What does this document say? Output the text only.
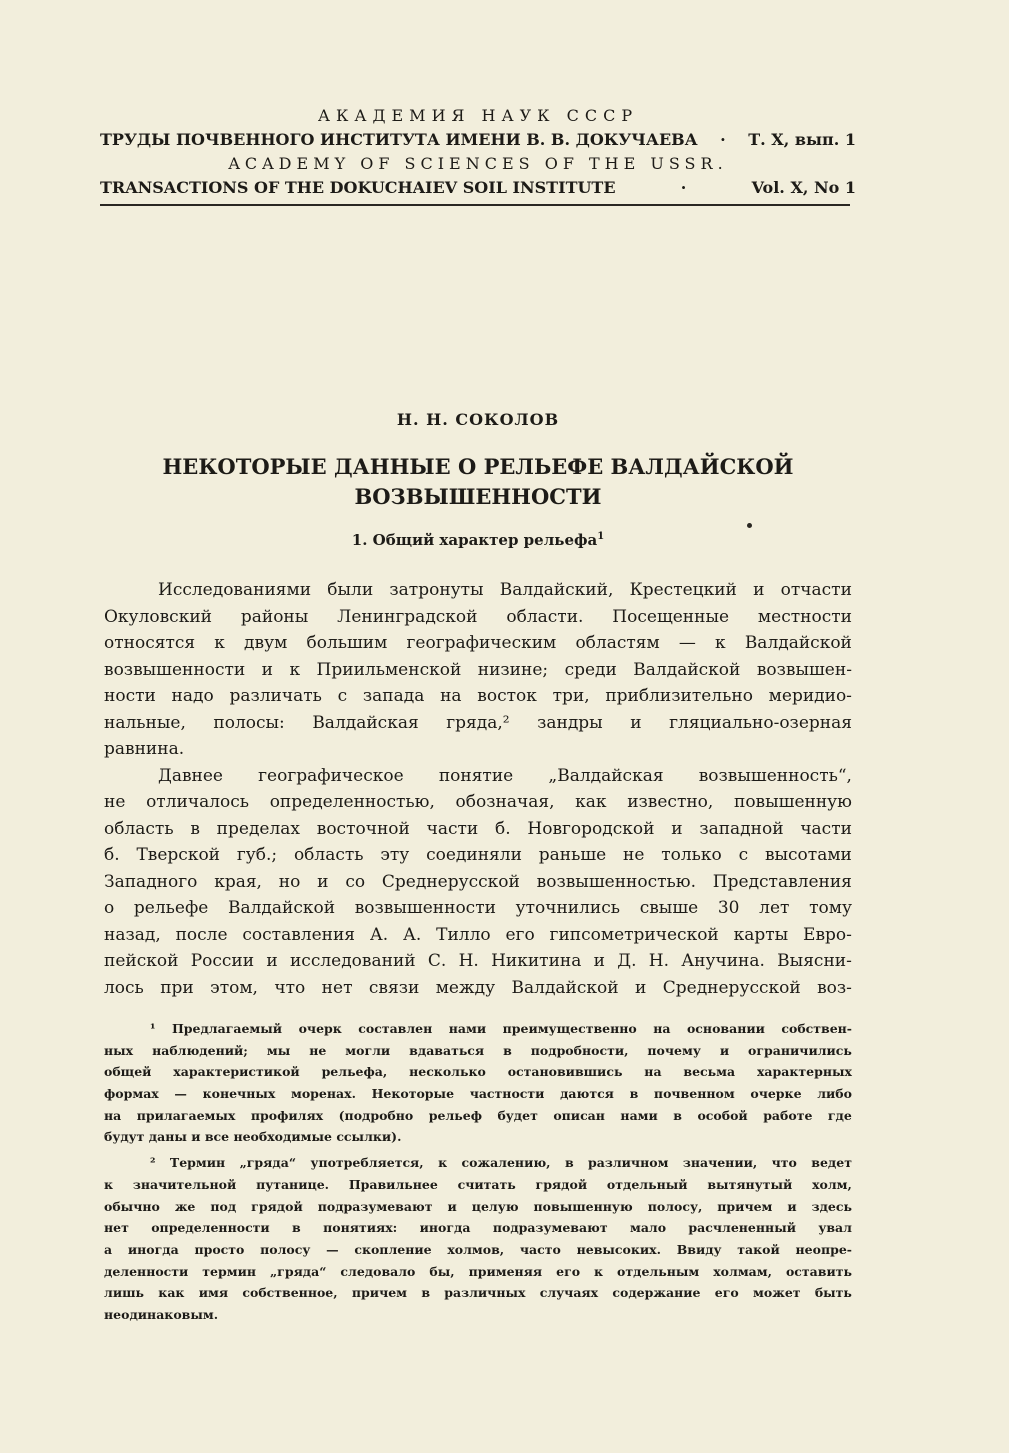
АКАДЕМИЯ НАУК СССР
ТРУДЫ ПОЧВЕННОГО ИНСТИТУТА ИМЕНИ В. В. ДОКУЧАЕВА · Т. X, вып. 1
ACADEMY OF SCIENCES OF THE USSR.
TRANSACTIONS OF THE DOKUCHAIEV SOIL INSTITUTE	·	Vol. X, No 1
Н. Н. СОКОЛОВ
НЕКОТОРЫЕ ДАННЫЕ О РЕЛЬЕФЕ ВАЛДАЙСКОЙ
ВОЗВЫШЕННОСТИ
1. Общий характер рельефа$^1$
Исследованиями были затронуты Валдайский, Крестецкий и отчасти
Окуловский районы Ленинградской области. Посещенные местности
относятся к двум большим географическим областям — к Валдайской
возвышенности и к Приильменской низине; среди Валдайской возвышен-
ности надо различать с запада на восток три, приблизительно меридио-
нальные, полосы: Валдайская гряда,² зандры и гляциально-озерная
равнина.
Давнее географическое понятие „Валдайская возвышенность“,
не отличалось определенностью, обозначая, как известно, повышенную
область в пределах восточной части б. Новгородской и западной части
б. Тверской губ.; область эту соединяли раньше не только с высотами
Западного края, но и со Среднерусской возвышенностью. Представления
о рельефе Валдайской возвышенности уточнились свыше 30 лет тому
назад, после составления А. А. Тилло его гипсометрической карты Евро-
пейской России и исследований С. Н. Никитина и Д. Н. Анучина. Выясни-
лось при этом, что нет связи между Валдайской и Среднерусской воз-
¹ Предлагаемый очерк составлен нами преимущественно на основании собствен-
ных наблюдений; мы не могли вдаваться в подробности, почему и ограничились
общей характеристикой рельефа, несколько остановившись на весьма характерных
формах — конечных моренах. Некоторые частности даются в почвенном очерке либо
на прилагаемых профилях (подробно рельеф будет описан нами в особой работе где
будут даны и все необходимые ссылки).
² Термин „гряда“ употребляется, к сожалению, в различном значении, что ведет
к значительной путанице. Правильнее считать грядой отдельный вытянутый холм,
обычно же под грядой подразумевают и целую повышенную полосу, причем и здесь
нет определенности в понятиях: иногда подразумевают мало расчлененный увал
а иногда просто полосу — скопление холмов, часто невысоких. Ввиду такой неопре-
деленности термин „гряда“ следовало бы, применяя его к отдельным холмам, оставить
лишь как имя собственное, причем в различных случаях содержание его может быть
неодинаковым.
